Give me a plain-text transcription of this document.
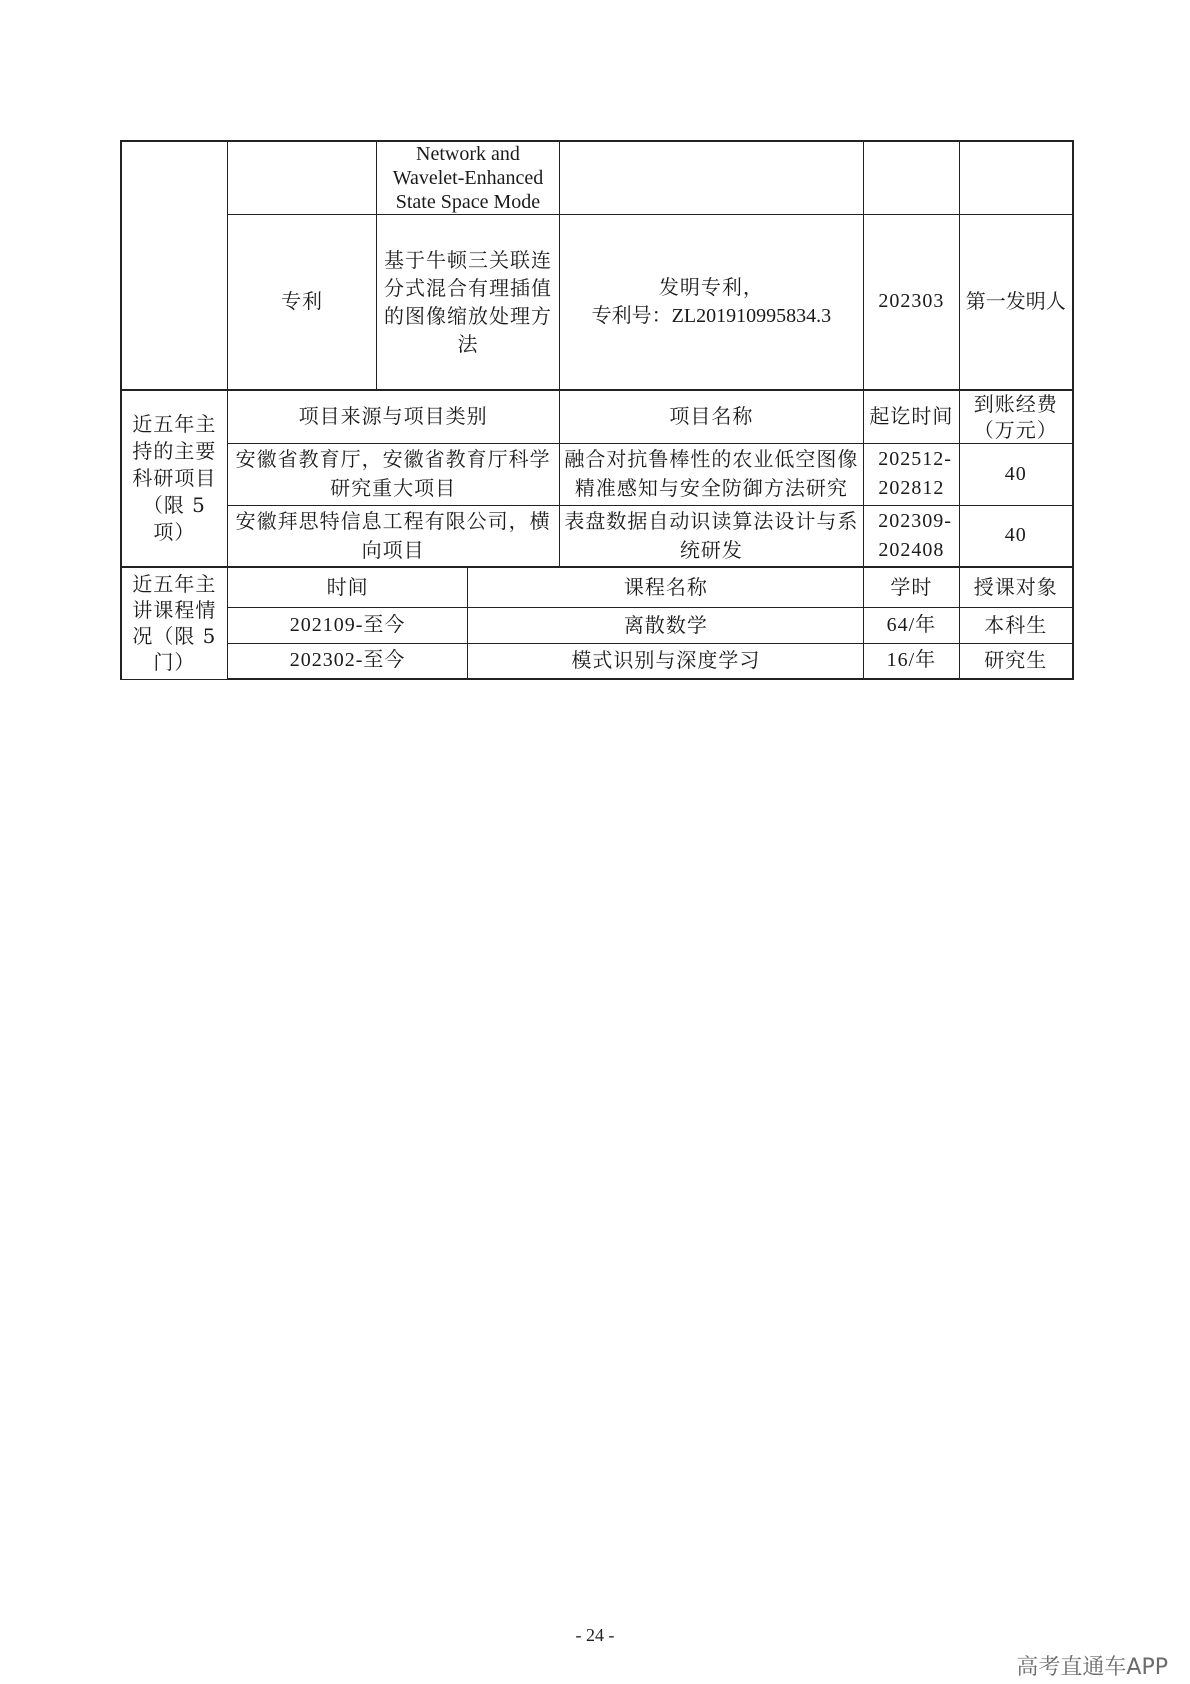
		Network and Wavelet-Enhanced State Space Mode				

	专利	基于牛顿三关联连分式混合有理插值的图像缩放处理方法		发明专利，
专利号：ZL201910995834.3	202303	第一发明人
近五年主持的主要科研项目（限 5 项）	项目来源与项目类别			项目名称	起讫时间	到账经费（万元）
	安徽省教育厅，安徽省教育厅科学研究重大项目			融合对抗鲁棒性的农业低空图像精准感知与安全防御方法研究	202512-202812	40
	安徽拜思特信息工程有限公司，横向项目			表盘数据自动识读算法设计与系统研发	202309-202408	40
近五年主讲课程情况（限 5 门）	时间		课程名称		学时	授课对象
	202109-至今		离散数学		64/年	本科生
	202302-至今		模式识别与深度学习		16/年	研究生
- 24 -
高考直通车APP
